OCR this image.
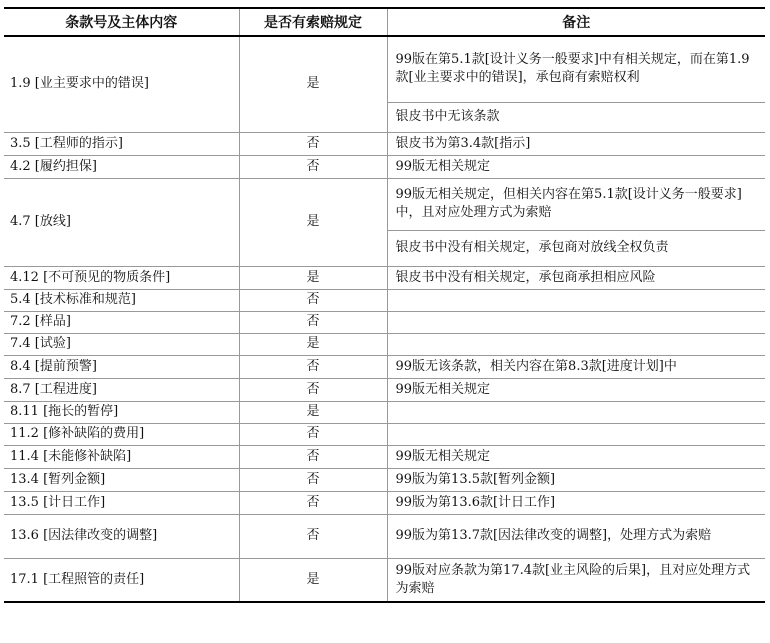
条款号及主体内容	是否有索赔规定	备注
1.9 [业主要求中的错误]	是	99版在第5.1款[设计义务一般要求]中有相关规定，而在第1.9款[业主要求中的错误]，承包商有索赔权利
		银皮书中无该条款
3.5 [工程师的指示]	否	银皮书为第3.4款[指示]
4.2 [履约担保]	否	99版无相关规定
4.7 [放线]	是	99版无相关规定，但相关内容在第5.1款[设计义务一般要求]中，且对应处理方式为索赔
		银皮书中没有相关规定，承包商对放线全权负责
4.12 [不可预见的物质条件]	是	银皮书中没有相关规定，承包商承担相应风险
5.4 [技术标准和规范]	否	
7.2 [样品]	否	
7.4 [试验]	是	
8.4 [提前预警]	否	99版无该条款，相关内容在第8.3款[进度计划]中
8.7 [工程进度]	否	99版无相关规定
8.11 [拖长的暂停]	是	
11.2 [修补缺陷的费用]	否	
11.4 [未能修补缺陷]	否	99版无相关规定
13.4 [暂列金额]	否	99版为第13.5款[暂列金额]
13.5 [计日工作]	否	99版为第13.6款[计日工作]
13.6 [因法律改变的调整]	否	99版为第13.7款[因法律改变的调整]，处理方式为索赔
17.1 [工程照管的责任]	是	99版对应条款为第17.4款[业主风险的后果]，且对应处理方式为索赔
